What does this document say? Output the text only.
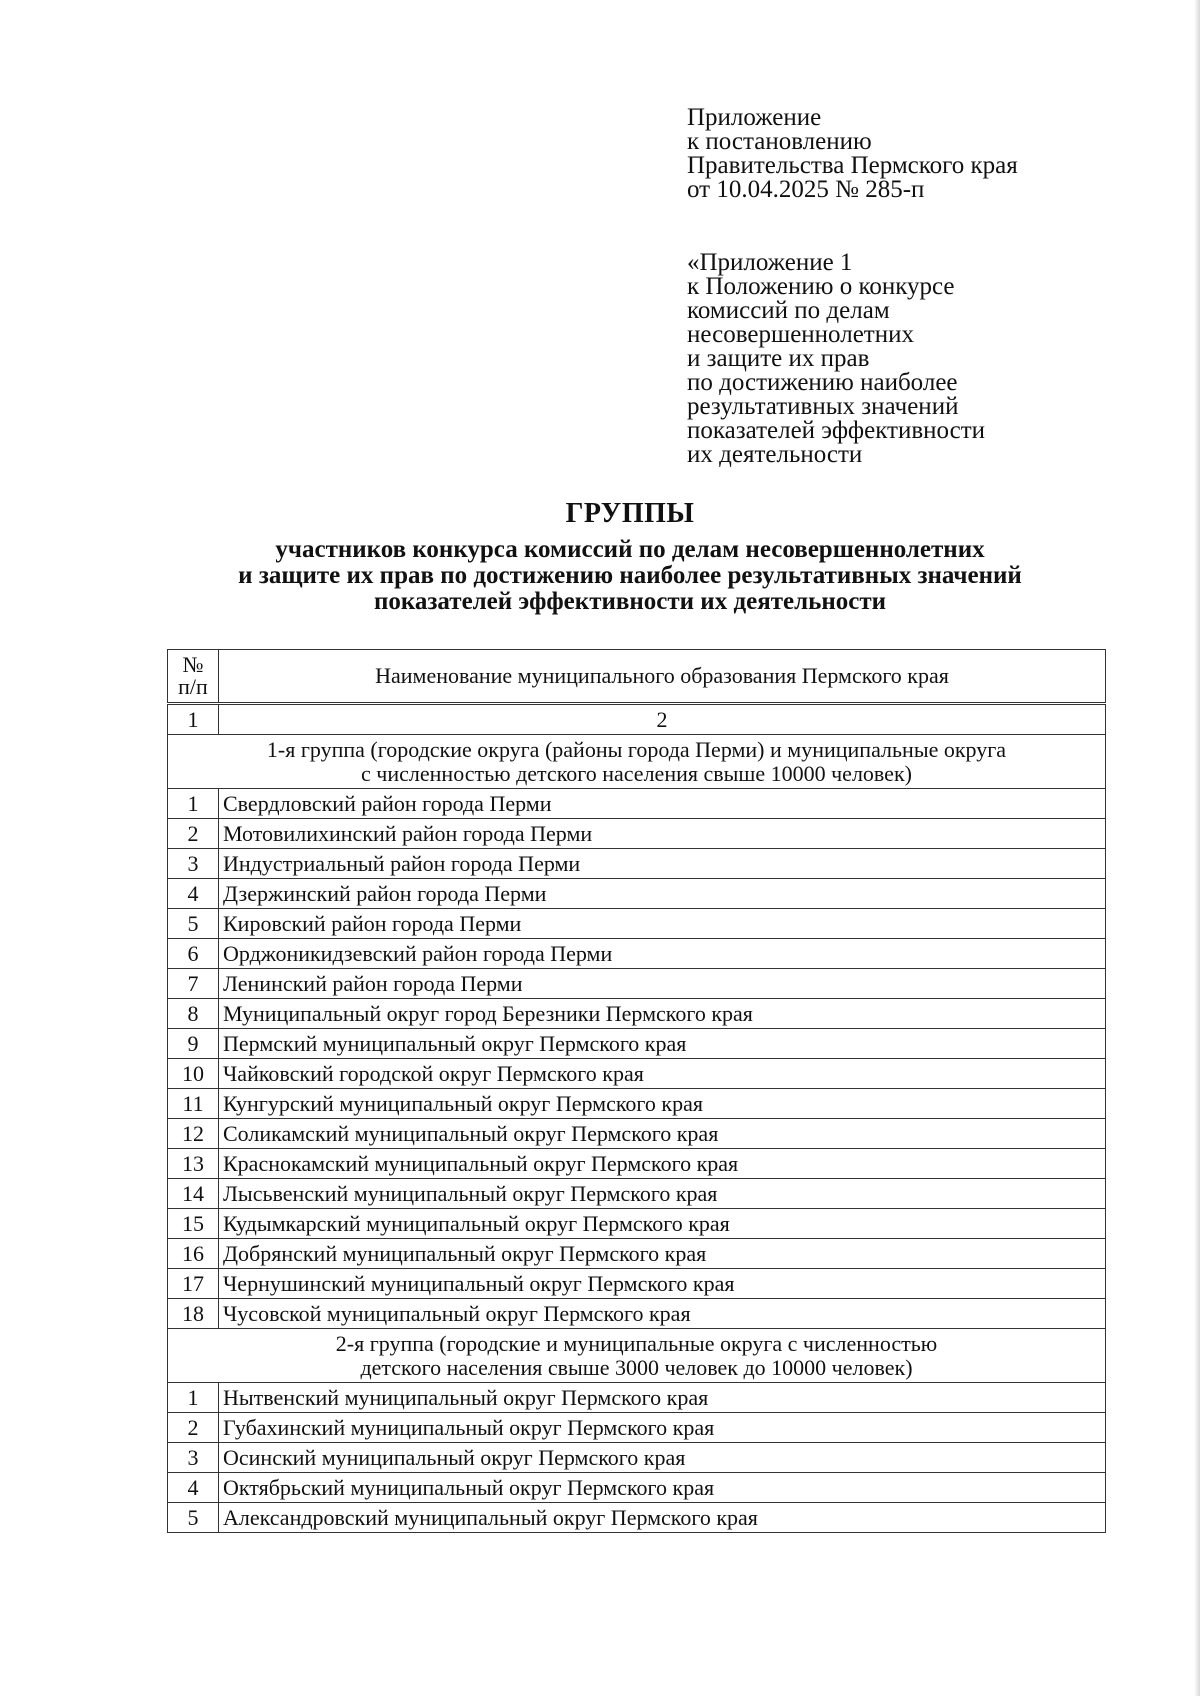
Приложение
к постановлению
Правительства Пермского края
от 10.04.2025 № 285-п
«Приложение 1
к Положению о конкурсе
комиссий по делам
несовершеннолетних
и защите их прав
по достижению наиболее
результативных значений
показателей эффективности
их деятельности
ГРУППЫ
участников конкурса комиссий по делам несовершеннолетних
и защите их прав по достижению наиболее результативных значений
показателей эффективности их деятельности
№
п/п	Наименование муниципального образования Пермского края
1	2

1-я группа (городские округа (районы города Перми) и муниципальные округа
с численностью детского населения свыше 10000 человек)	

1	Свердловский район города Перми
2	Мотовилихинский район города Перми
3	Индустриальный район города Перми
4	Дзержинский район города Перми
5	Кировский район города Перми
6	Орджоникидзевский район города Перми
7	Ленинский район города Перми
8	Муниципальный округ город Березники Пермского края
9	Пермский муниципальный округ Пермского края
10	Чайковский городской округ Пермского края
11	Кунгурский муниципальный округ Пермского края
12	Соликамский муниципальный округ Пермского края
13	Краснокамский муниципальный округ Пермского края
14	Лысьвенский муниципальный округ Пермского края
15	Кудымкарский муниципальный округ Пермского края
16	Добрянский муниципальный округ Пермского края
17	Чернушинский муниципальный округ Пермского края
18	Чусовской муниципальный округ Пермского края

2-я группа (городские и муниципальные округа с численностью
детского населения свыше 3000 человек до 10000 человек)	

1	Нытвенский муниципальный округ Пермского края
2	Губахинский муниципальный округ Пермского края
3	Осинский муниципальный округ Пермского края
4	Октябрьский муниципальный округ Пермского края
5	Александровский муниципальный округ Пермского края
